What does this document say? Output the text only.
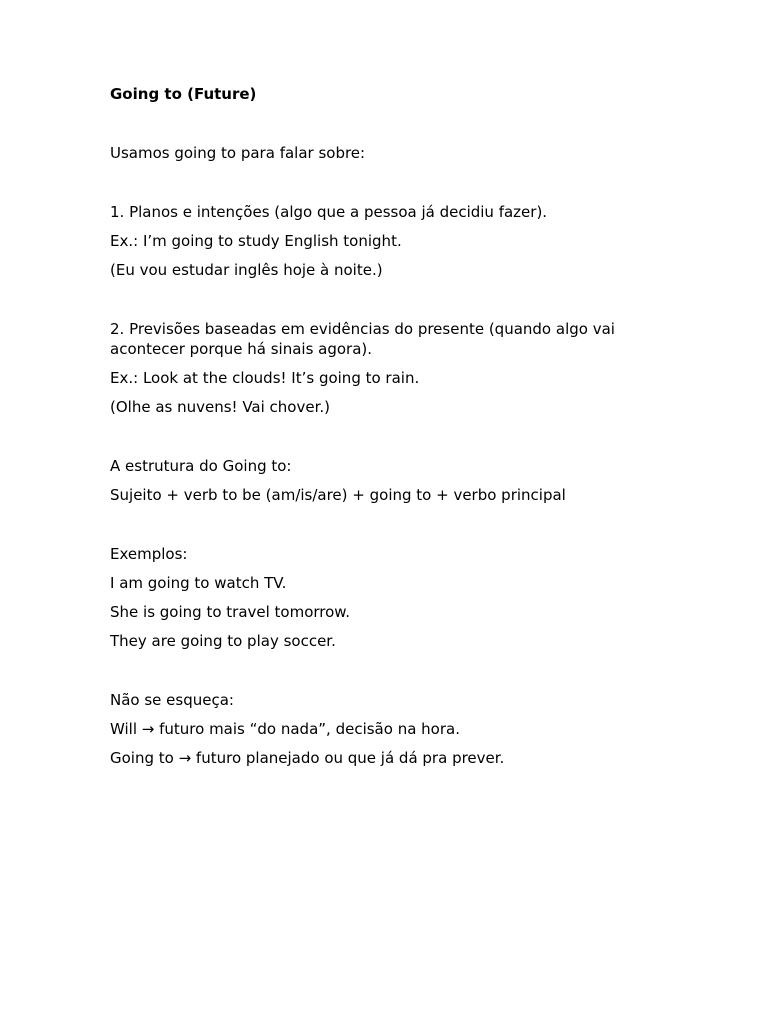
Going to (Future)

Usamos going to para falar sobre:

1. Planos e intenções (algo que a pessoa já decidiu fazer).

Ex.: I’m going to study English tonight.

(Eu vou estudar inglês hoje à noite.)

2. Previsões baseadas em evidências do presente (quando algo vai acontecer porque há sinais agora).

Ex.: Look at the clouds! It’s going to rain.

(Olhe as nuvens! Vai chover.)

A estrutura do Going to:

Sujeito + verb to be (am/is/are) + going to + verbo principal

Exemplos:

I am going to watch TV.

She is going to travel tomorrow.

They are going to play soccer.

Não se esqueça:

Will → futuro mais “do nada”, decisão na hora.

Going to → futuro planejado ou que já dá pra prever.
